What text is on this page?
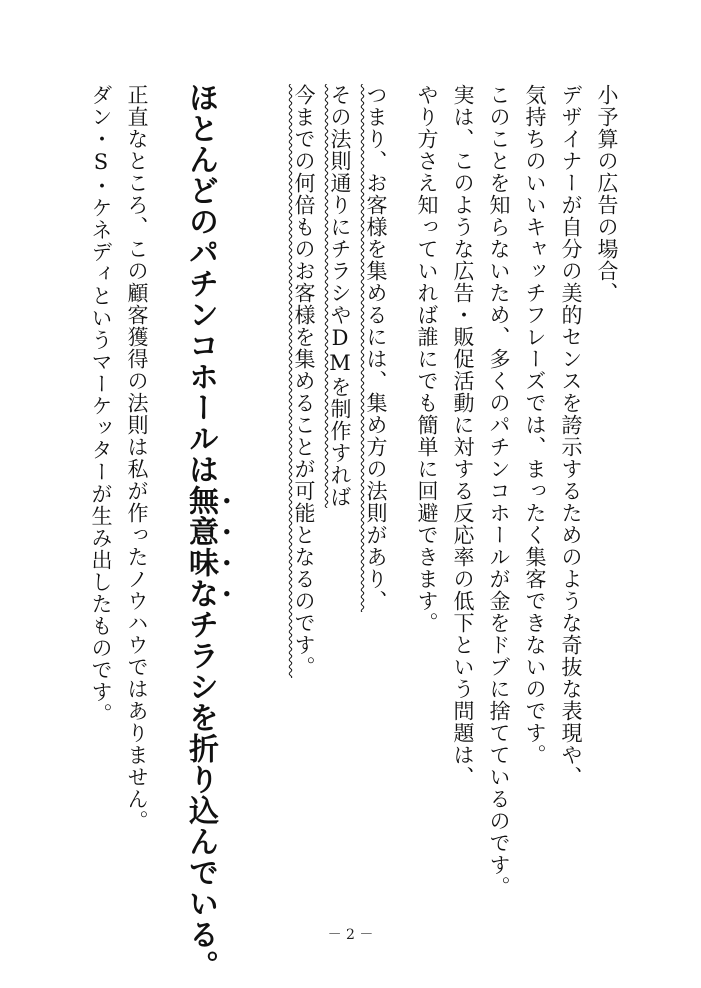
小予算の広告の場合、
デザイナーが自分の美的センスを誇示するためのような奇抜な表現や、
気持ちのいいキャッチフレーズでは、まったく集客できないのです。
このことを知らないため、多くのパチンコホールが金をドブに捨てているのです。
実は、このような広告・販促活動に対する反応率の低下という問題は、
やり方さえ知っていれば誰にでも簡単に回避できます。
つまり、お客様を集めるには、集め方の法則があり、
その法則通りにチラシやDMを制作すれば
今までの何倍ものお客様を集めることが可能となるのです。
ほとんどのパチンコホールは無意味なチラシを折り込んでいる。
正直なところ、この顧客獲得の法則は私が作ったノウハウではありません。
ダン・S・ケネディというマーケッターが生み出したものです。
－ 2 －
